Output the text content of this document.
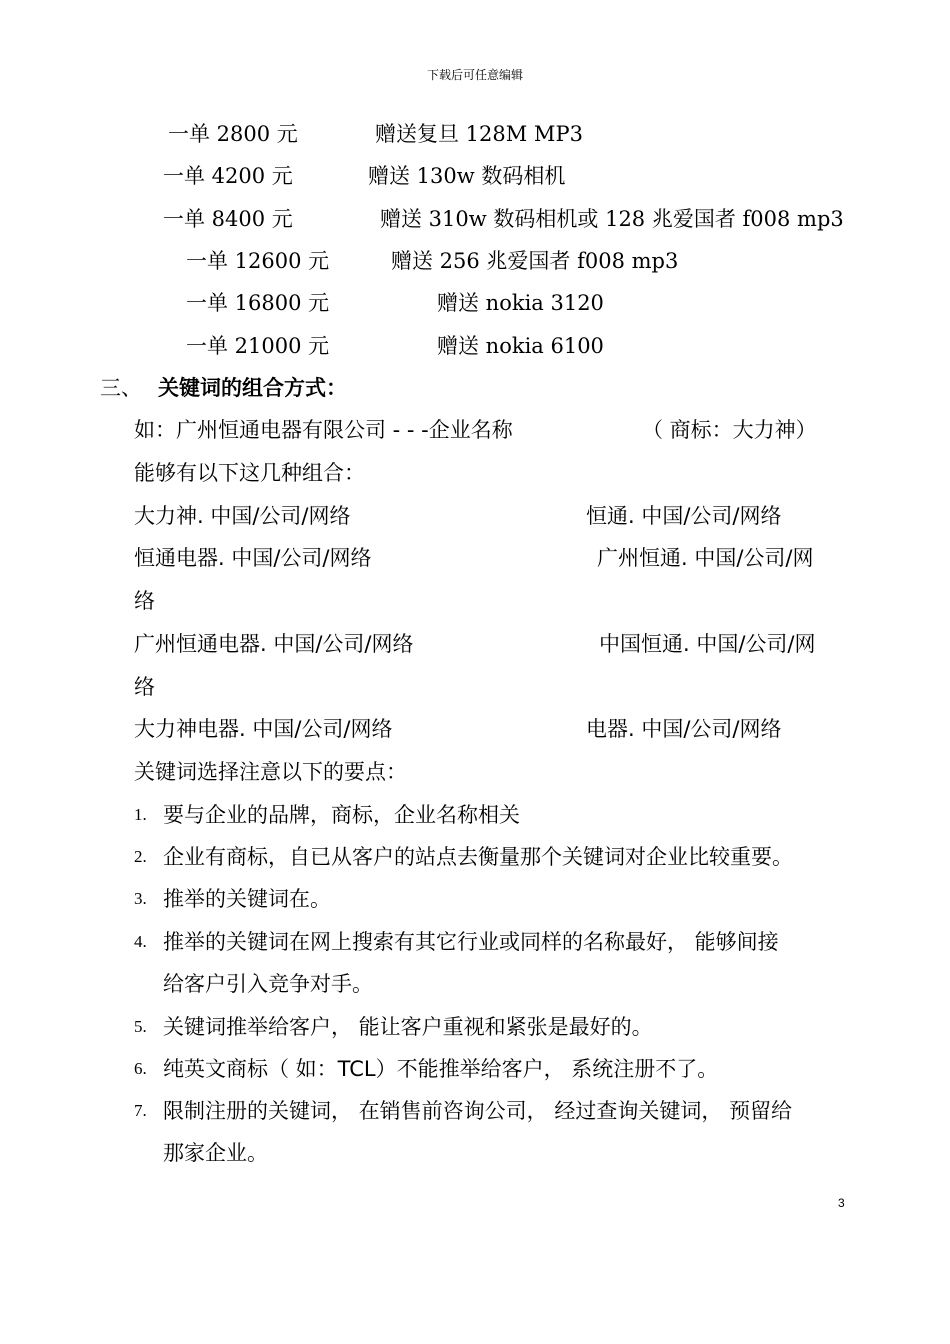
下载后可任意编辑
一单 2800 元	赠送复旦 128M MP3
一单 4200 元	赠送 130w 数码相机
一单 8400 元	赠送 310w 数码相机或 128 兆爱国者 f008 mp3
一单 12600 元	赠送 256 兆爱国者 f008 mp3
一单 16800 元	赠送 nokia 3120
一单 21000 元	赠送 nokia 6100
三、 关键词的组合方式：
如：广州恒通电器有限公司 - - -企业名称	（ 商标：大力神）
能够有以下这几种组合：
大力神. 中国/公司/网络	恒通. 中国/公司/网络
恒通电器. 中国/公司/网络	广州恒通. 中国/公司/网
络
广州恒通电器. 中国/公司/网络	中国恒通. 中国/公司/网
络
大力神电器. 中国/公司/网络	电器. 中国/公司/网络
关键词选择注意以下的要点：
1. 要与企业的品牌，商标，企业名称相关
2. 企业有商标，自已从客户的站点去衡量那个关键词对企业比较重要。
3. 推举的关键词在。
4. 推举的关键词在网上搜索有其它行业或同样的名称最好， 能够间接
给客户引入竞争对手。
5. 关键词推举给客户， 能让客户重视和紧张是最好的。
6. 纯英文商标（ 如：TCL）不能推举给客户， 系统注册不了。
7. 限制注册的关键词， 在销售前咨询公司， 经过查询关键词， 预留给
那家企业。
3
